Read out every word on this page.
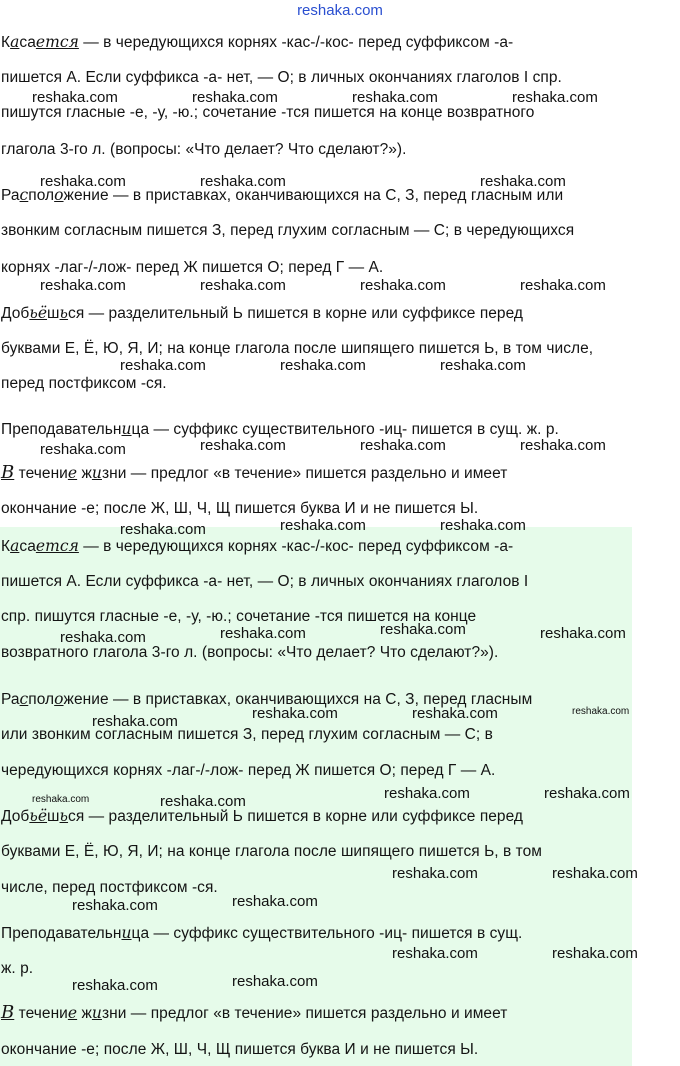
reshaka.com
Касается — в чередующихся корнях -кас-/-кос- перед суффиксом -а-
пишется А. Если суффикса -а- нет, — О; в личных окончаниях глаголов I спр.
пишутся гласные -е, -у, -ю.; сочетание -тся пишется на конце возвратного
глагола 3-го л. (вопросы: «Что делает? Что сделают?»).
Расположение — в приставках, оканчивающихся на С, З, перед гласным или
звонким согласным пишется З, перед глухим согласным — С; в чередующихся
корнях -лаг-/-лож- перед Ж пишется О; перед Г — А.
Добьёшься — разделительный Ь пишется в корне или суффиксе перед
буквами Е, Ё, Ю, Я, И; на конце глагола после шипящего пишется Ь, в том числе,
перед постфиксом -ся.
Преподавательница — суффикс существительного -иц- пишется в сущ. ж. р.
В течение жизни — предлог «в течение» пишется раздельно и имеет
окончание -е; после Ж, Ш, Ч, Щ пишется буква И и не пишется Ы.
Касается — в чередующихся корнях -кас-/-кос- перед суффиксом -а-
пишется А. Если суффикса -а- нет, — О; в личных окончаниях глаголов I
спр. пишутся гласные -е, -у, -ю.; сочетание -тся пишется на конце
возвратного глагола 3-го л. (вопросы: «Что делает? Что сделают?»).
Расположение — в приставках, оканчивающихся на С, З, перед гласным
или звонким согласным пишется З, перед глухим согласным — С; в
чередующихся корнях -лаг-/-лож- перед Ж пишется О; перед Г — А.
Добьёшься — разделительный Ь пишется в корне или суффиксе перед
буквами Е, Ё, Ю, Я, И; на конце глагола после шипящего пишется Ь, в том
числе, перед постфиксом -ся.
Преподавательница — суффикс существительного -иц- пишется в сущ.
ж. р.
В течение жизни — предлог «в течение» пишется раздельно и имеет
окончание -е; после Ж, Ш, Ч, Щ пишется буква И и не пишется Ы.
reshaka.com	reshaka.com	reshaka.com	reshaka.com
reshaka.com	reshaka.com	reshaka.com
reshaka.com	reshaka.com	reshaka.com	reshaka.com
reshaka.com	reshaka.com	reshaka.com
reshaka.com	reshaka.com	reshaka.com	reshaka.com
reshaka.com	reshaka.com	reshaka.com
reshaka.com	reshaka.com	reshaka.com	reshaka.com
reshaka.com	reshaka.com	reshaka.com	reshaka.com
reshaka.com	reshaka.com	reshaka.com	reshaka.com
reshaka.com	reshaka.com
reshaka.com	reshaka.com
reshaka.com	reshaka.com
reshaka.com	reshaka.com
